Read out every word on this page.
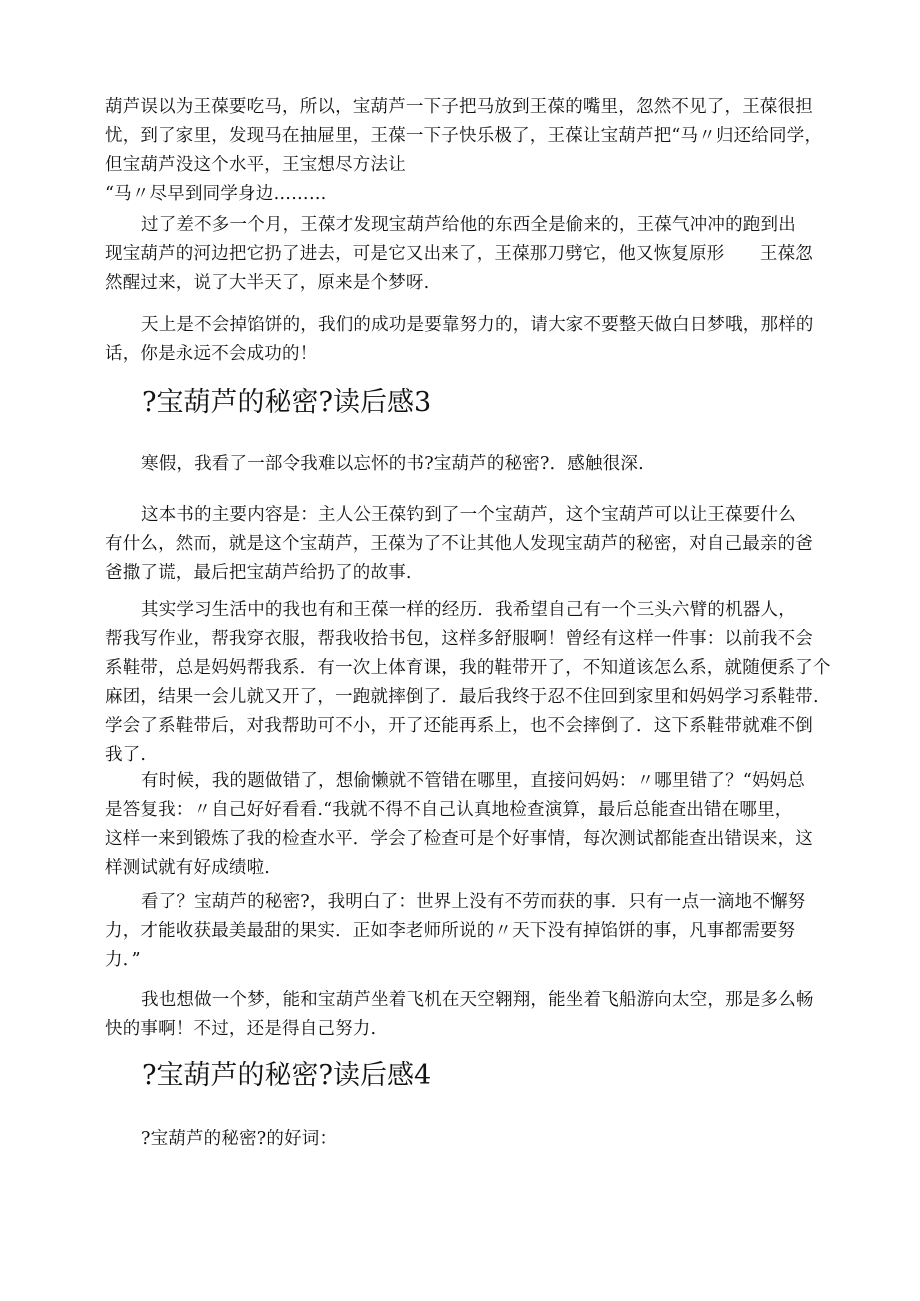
葫芦误以为王葆要吃马，所以，宝葫芦一下子把马放到王葆的嘴里，忽然不见了，王葆很担
忧，到了家里，发现马在抽屉里，王葆一下子快乐极了，王葆让宝葫芦把“马〃归还给同学，
但宝葫芦没这个水平，王宝想尽方法让
“马〃尽早到同学身边………
过了差不多一个月，王葆才发现宝葫芦给他的东西全是偷来的，王葆气冲冲的跑到出
现宝葫芦的河边把它扔了进去，可是它又出来了，王葆那刀劈它，他又恢复原形　　王葆忽
然醒过来，说了大半天了，原来是个梦呀.
天上是不会掉馅饼的，我们的成功是要靠努力的，请大家不要整天做白日梦哦，那样的
话，你是永远不会成功的！
?宝葫芦的秘密?读后感3
寒假，我看了一部令我难以忘怀的书?宝葫芦的秘密?．感触很深.
这本书的主要内容是：主人公王葆钓到了一个宝葫芦，这个宝葫芦可以让王葆要什么
有什么，然而，就是这个宝葫芦，王葆为了不让其他人发现宝葫芦的秘密，对自己最亲的爸
爸撒了谎，最后把宝葫芦给扔了的故事.
其实学习生活中的我也有和王葆一样的经历．我希望自己有一个三头六臂的机器人，
帮我写作业，帮我穿衣服，帮我收拾书包，这样多舒服啊！曾经有这样一件事：以前我不会
系鞋带，总是妈妈帮我系．有一次上体育课，我的鞋带开了，不知道该怎么系，就随便系了个
麻团，结果一会儿就又开了，一跑就摔倒了．最后我终于忍不住回到家里和妈妈学习系鞋带.
学会了系鞋带后，对我帮助可不小，开了还能再系上，也不会摔倒了．这下系鞋带就难不倒
我了.
有时候，我的题做错了，想偷懒就不管错在哪里，直接问妈妈：〃哪里错了？“妈妈总
是答复我：〃自己好好看看.“我就不得不自己认真地检查演算，最后总能查出错在哪里，
这样一来到锻炼了我的检查水平．学会了检查可是个好事情，每次测试都能查出错误来，这
样测试就有好成绩啦.
看了？宝葫芦的秘密?，我明白了：世界上没有不劳而获的事．只有一点一滴地不懈努
力，才能收获最美最甜的果实．正如李老师所说的〃天下没有掉馅饼的事，凡事都需要努
力．”
我也想做一个梦，能和宝葫芦坐着飞机在天空翱翔，能坐着飞船游向太空，那是多么畅
快的事啊！不过，还是得自己努力.
?宝葫芦的秘密?读后感4
?宝葫芦的秘密?的好词：
